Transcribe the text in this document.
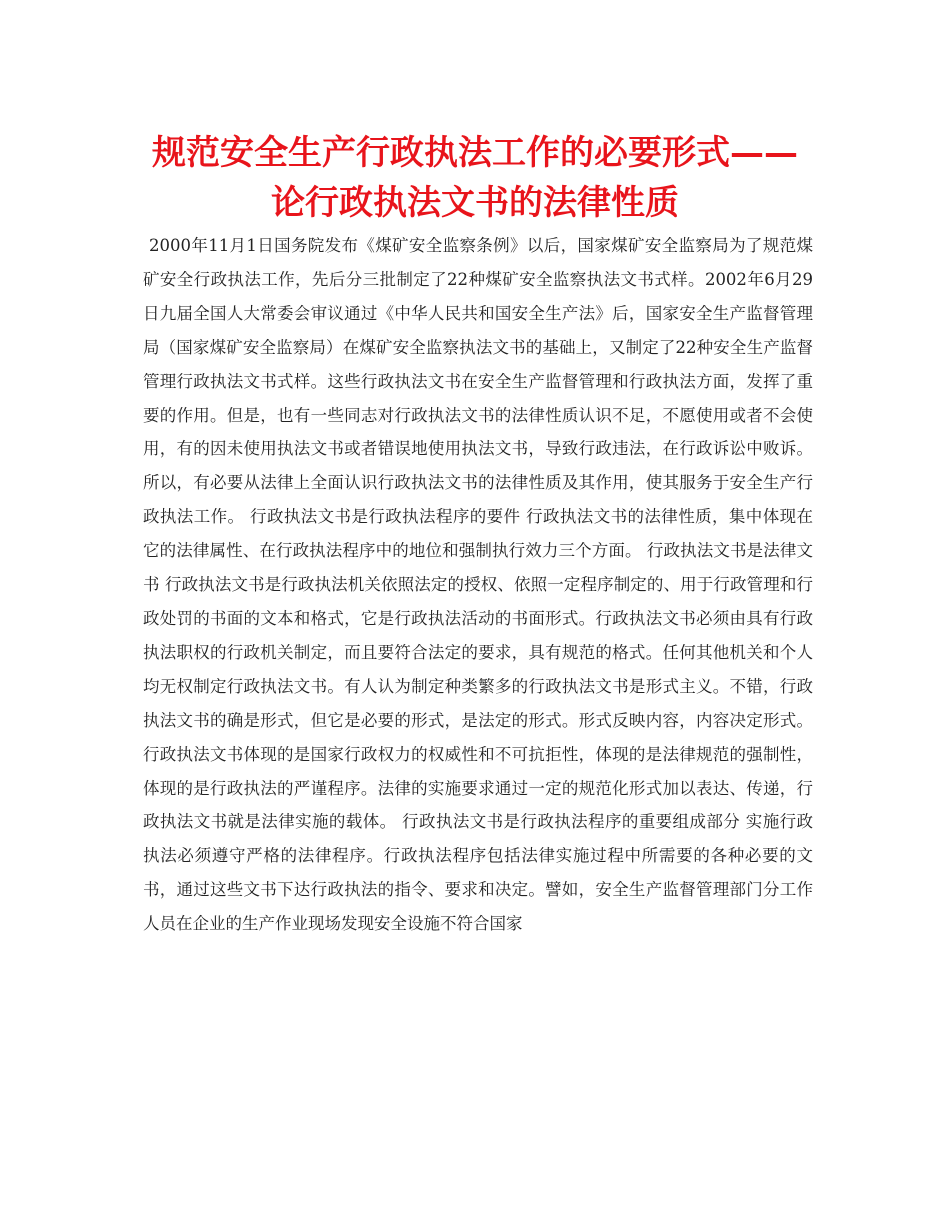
规范安全生产行政执法工作的必要形式——
论行政执法文书的法律性质

2000年11月1日国务院发布《煤矿安全监察条例》以后，国家煤矿安全监察局为了规范煤矿安全行政执法工作，先后分三批制定了22种煤矿安全监察执法文书式样。2002年6月29日九届全国人大常委会审议通过《中华人民共和国安全生产法》后，国家安全生产监督管理局（国家煤矿安全监察局）在煤矿安全监察执法文书的基础上，又制定了22种安全生产监督管理行政执法文书式样。这些行政执法文书在安全生产监督管理和行政执法方面，发挥了重要的作用。但是，也有一些同志对行政执法文书的法律性质认识不足，不愿使用或者不会使用，有的因未使用执法文书或者错误地使用执法文书，导致行政违法，在行政诉讼中败诉。所以，有必要从法律上全面认识行政执法文书的法律性质及其作用，使其服务于安全生产行政执法工作。 行政执法文书是行政执法程序的要件 行政执法文书的法律性质，集中体现在它的法律属性、在行政执法程序中的地位和强制执行效力三个方面。 行政执法文书是法律文书 行政执法文书是行政执法机关依照法定的授权、依照一定程序制定的、用于行政管理和行政处罚的书面的文本和格式，它是行政执法活动的书面形式。行政执法文书必须由具有行政执法职权的行政机关制定，而且要符合法定的要求，具有规范的格式。任何其他机关和个人均无权制定行政执法文书。有人认为制定种类繁多的行政执法文书是形式主义。不错，行政执法文书的确是形式，但它是必要的形式，是法定的形式。形式反映内容，内容决定形式。行政执法文书体现的是国家行政权力的权威性和不可抗拒性，体现的是法律规范的强制性，体现的是行政执法的严谨程序。法律的实施要求通过一定的规范化形式加以表达、传递，行政执法文书就是法律实施的载体。 行政执法文书是行政执法程序的重要组成部分 实施行政执法必须遵守严格的法律程序。行政执法程序包括法律实施过程中所需要的各种必要的文书，通过这些文书下达行政执法的指令、要求和决定。譬如，安全生产监督管理部门分工作人员在企业的生产作业现场发现安全设施不符合国家
